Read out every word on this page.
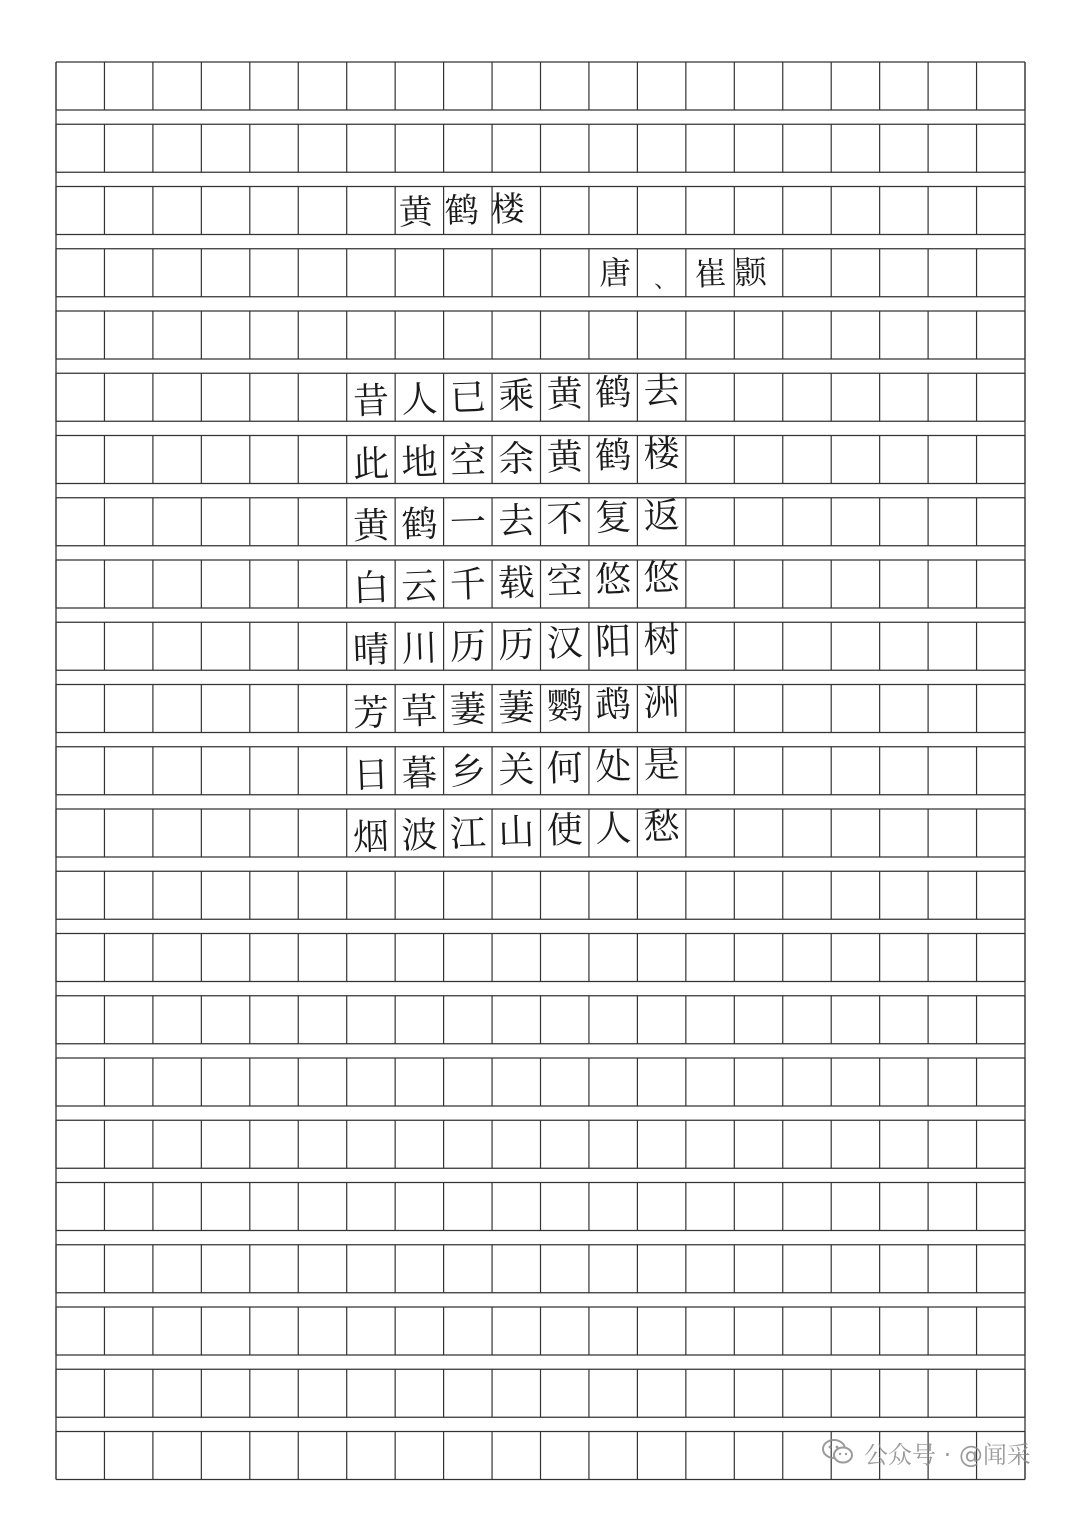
黄鹤楼
唐	、 崔颢
昔人已乘黄鹤去
此地空余黄鹤楼
黄鹤一去不复返
白云千载空悠悠
晴川历历汉阳树
芳草萋萋鹦鹉洲
日暮乡关何处是
烟波江山使人愁
公众号 · @闻采
